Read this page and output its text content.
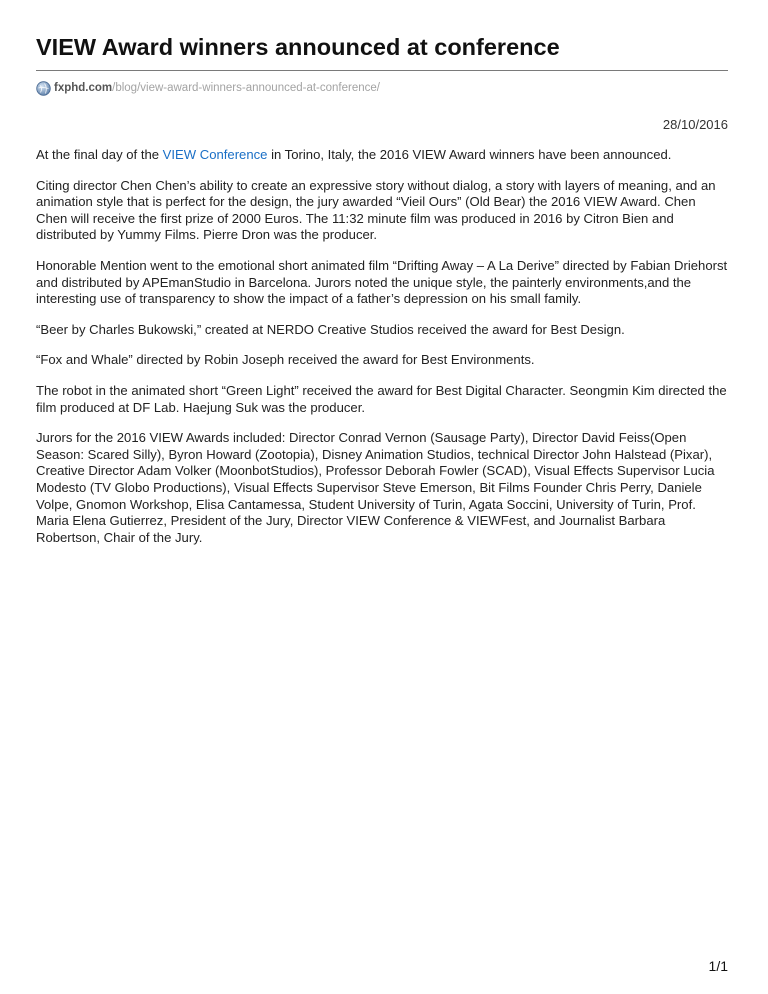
VIEW Award winners announced at conference
fxphd.com /blog/view-award-winners-announced-at-conference/
28/10/2016

At the final day of the VIEW Conference in Torino, Italy, the 2016 VIEW Award winners have been announced.

Citing director Chen Chen’s ability to create an expressive story without dialog, a story with layers of meaning, and an animation style that is perfect for the design, the jury awarded “Vieil Ours” (Old Bear) the 2016 VIEW Award. Chen Chen will receive the first prize of 2000 Euros. The 11:32 minute film was produced in 2016 by Citron Bien and distributed by Yummy Films. Pierre Dron was the producer.

Honorable Mention went to the emotional short animated film “Drifting Away – A La Derive” directed by Fabian Driehorst and distributed by APEmanStudio in Barcelona. Jurors noted the unique style, the painterly environments,and the interesting use of transparency to show the impact of a father’s depression on his small family.

“Beer by Charles Bukowski,” created at NERDO Creative Studios received the award for Best Design.

“Fox and Whale” directed by Robin Joseph received the award for Best Environments.

The robot in the animated short “Green Light” received the award for Best Digital Character. Seongmin Kim directed the film produced at DF Lab. Haejung Suk was the producer.

Jurors for the 2016 VIEW Awards included: Director Conrad Vernon (Sausage Party), Director David Feiss(Open Season: Scared Silly), Byron Howard (Zootopia), Disney Animation Studios, technical Director John Halstead (Pixar), Creative Director Adam Volker (MoonbotStudios), Professor Deborah Fowler (SCAD), Visual Effects Supervisor Lucia Modesto (TV Globo Productions), Visual Effects Supervisor Steve Emerson, Bit Films Founder Chris Perry, Daniele Volpe, Gnomon Workshop, Elisa Cantamessa, Student University of Turin, Agata Soccini, University of Turin, Prof. Maria Elena Gutierrez, President of the Jury, Director VIEW Conference & VIEWFest, and Journalist Barbara Robertson, Chair of the Jury.

1/1
